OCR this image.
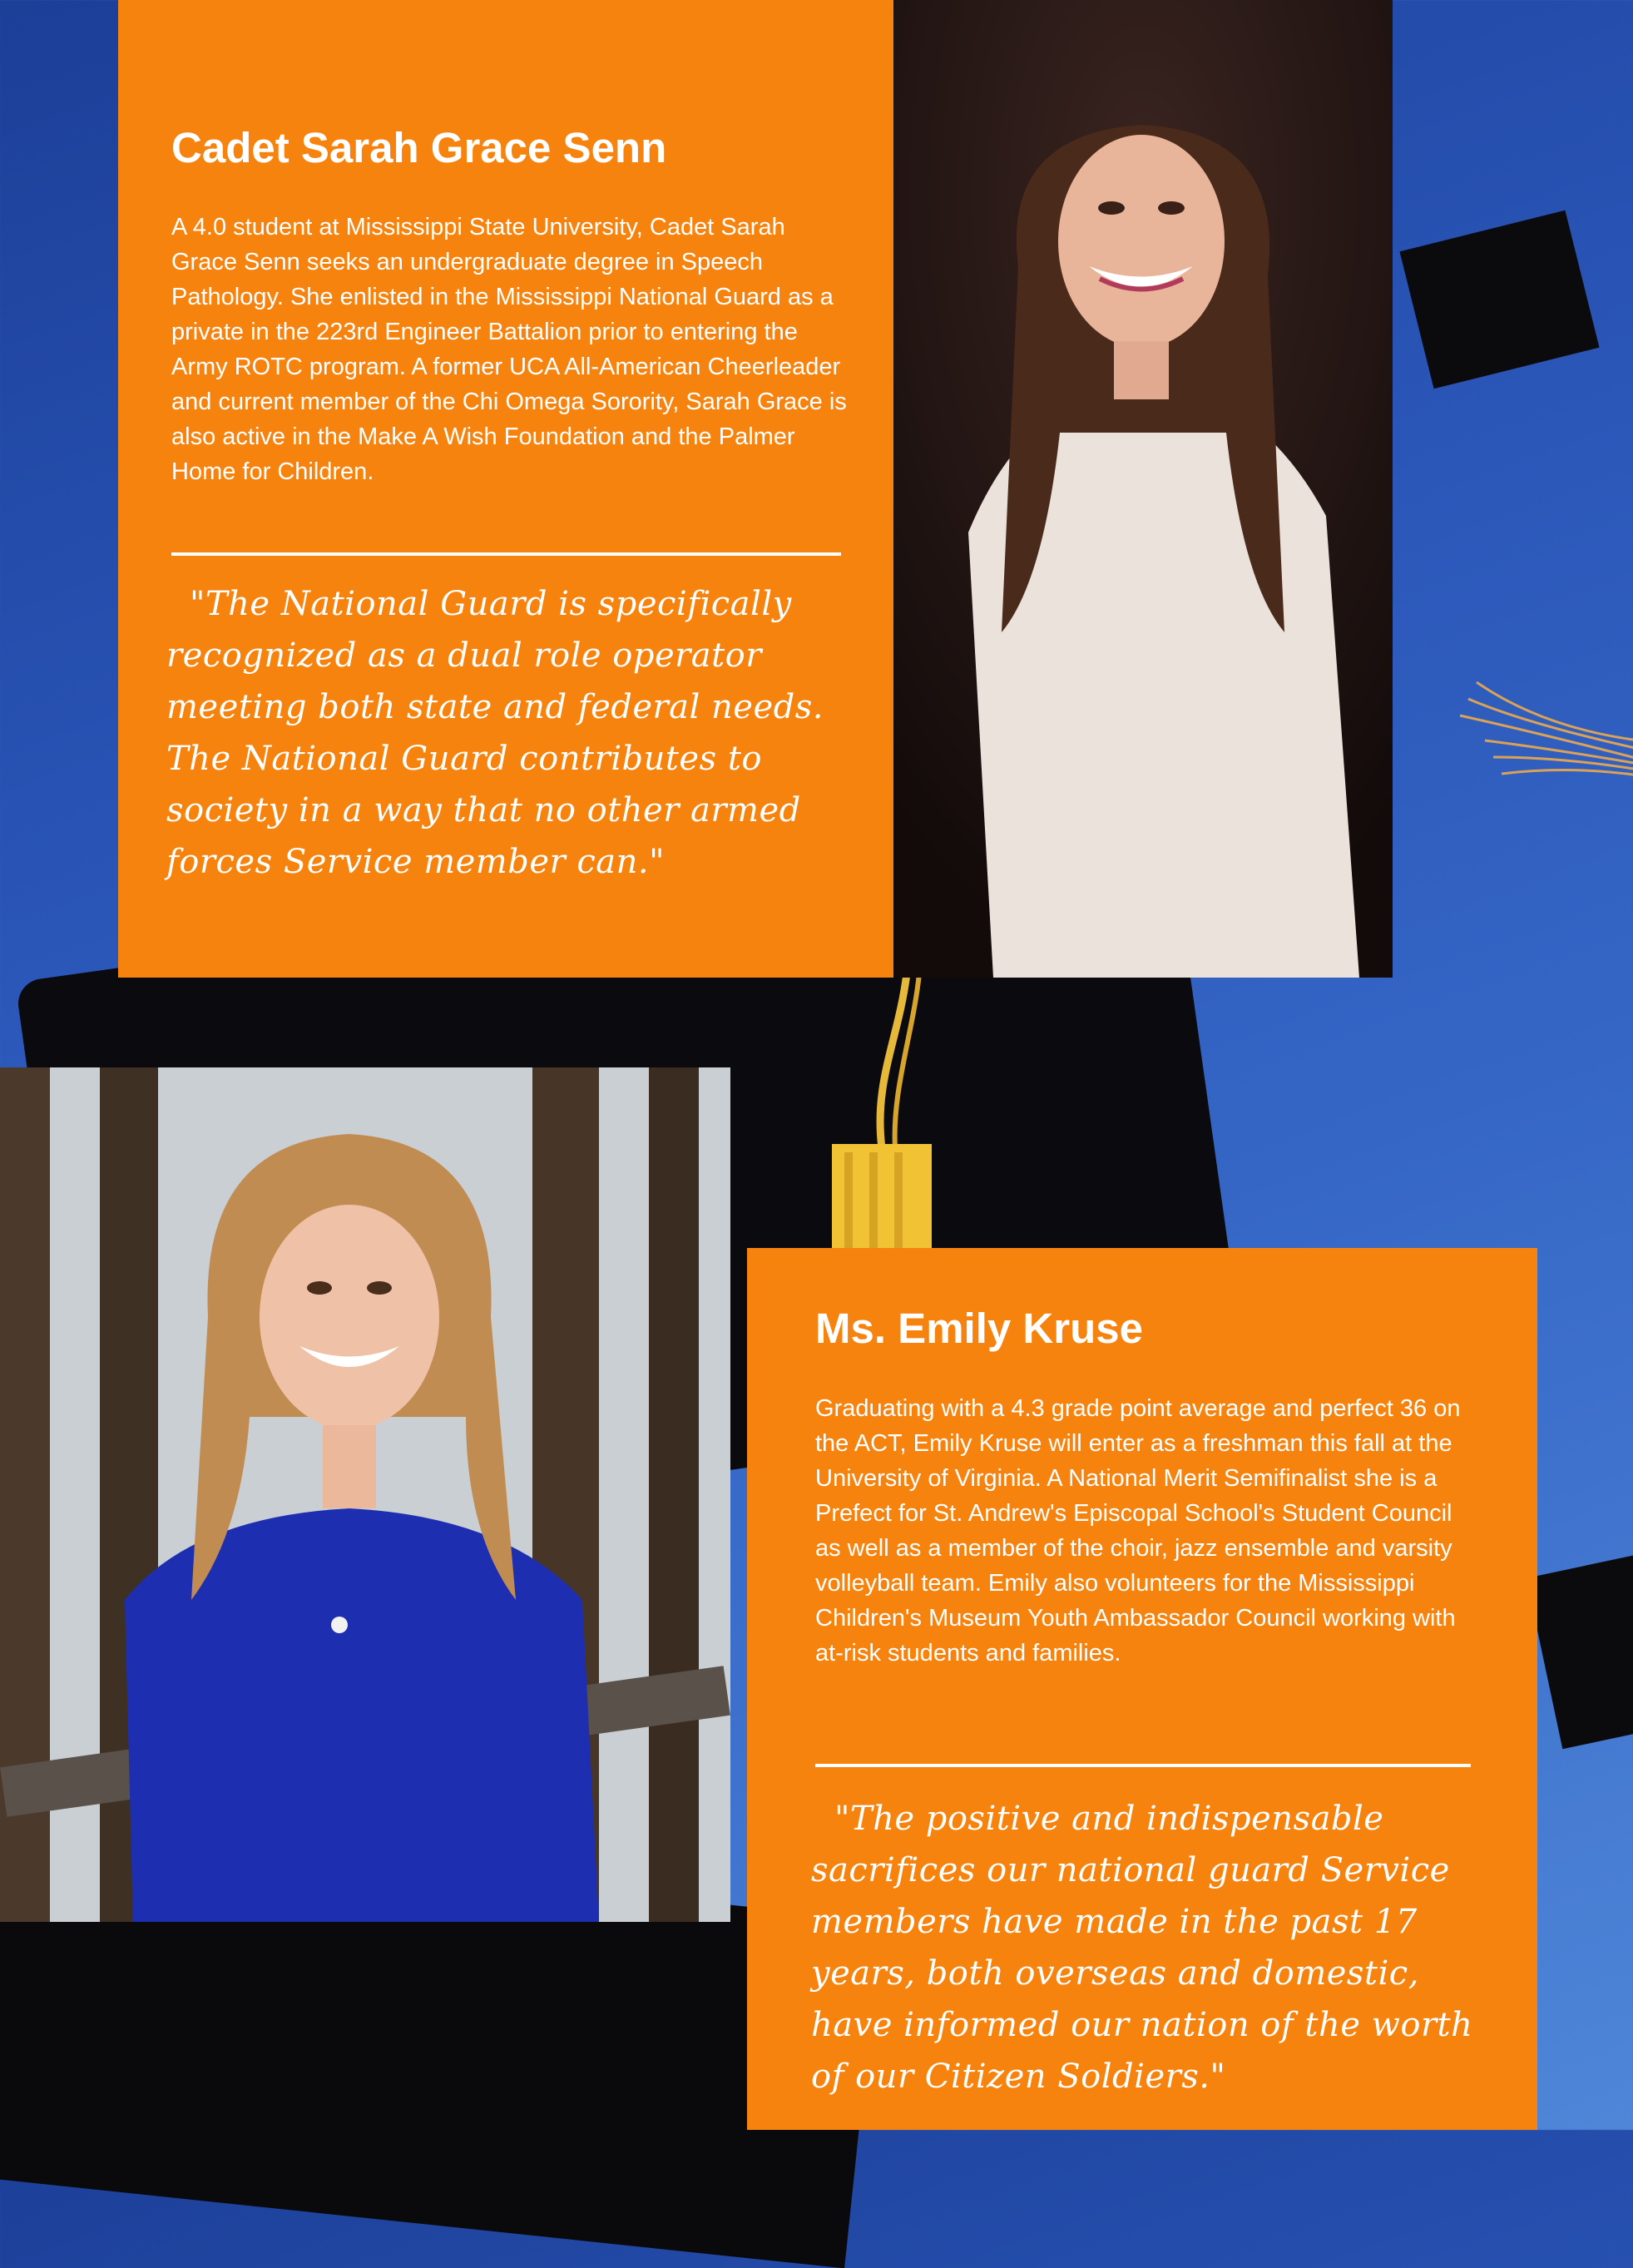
Cadet Sarah Grace Senn

A 4.0 student at Mississippi State University, Cadet Sarah Grace Senn seeks an undergraduate degree in Speech Pathology. She enlisted in the Mississippi National Guard as a private in the 223rd Engineer Battalion prior to entering the Army ROTC program. A former UCA All-American Cheerleader and current member of the Chi Omega Sorority, Sarah Grace is also active in the Make A Wish Foundation and the Palmer Home for Children.

"The National Guard is specifically recognized as a dual role operator meeting both state and federal needs. The National Guard contributes to society in a way that no other armed forces Service member can."

Ms. Emily Kruse

Graduating with a 4.3 grade point average and perfect 36 on the ACT, Emily Kruse will enter as a freshman this fall at the University of Virginia. A National Merit Semifinalist she is a Prefect for St. Andrew's Episcopal School's Student Council as well as a member of the choir, jazz ensemble and varsity volleyball team. Emily also volunteers for the Mississippi Children's Museum Youth Ambassador Council working with at-risk students and families.

"The positive and indispensable sacrifices our national guard Service members have made in the past 17 years, both overseas and domestic, have informed our nation of the worth of our Citizen Soldiers."
